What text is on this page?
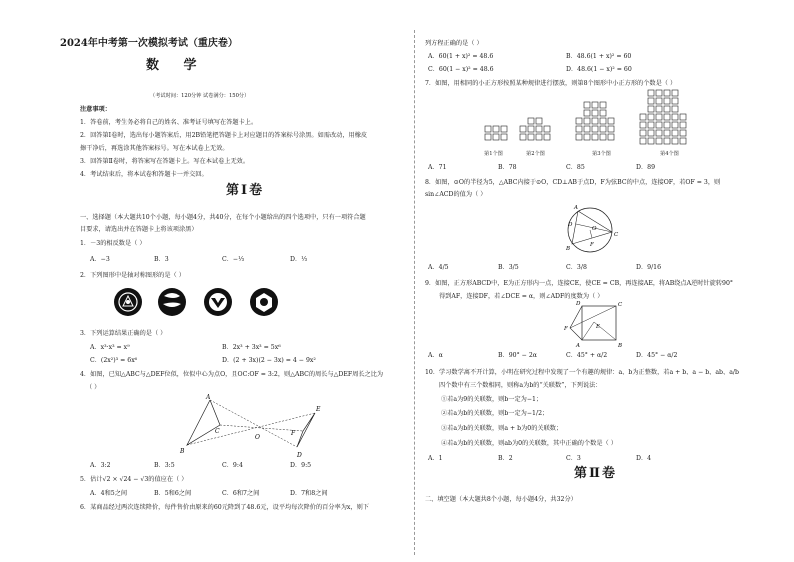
2024年中考第一次模拟考试（重庆卷）
数 学
（考试时间：120分钟 试卷满分：150分）
注意事项：
1．答卷前，考生务必将自己的姓名、准考证号填写在答题卡上。
2．回答第Ⅰ卷时，选出每小题答案后，用2B铅笔把答题卡上对应题目的答案标号涂黑。如需改动，用橡皮
擦干净后，再选涂其他答案标号。写在本试卷上无效。
3．回答第Ⅱ卷时，将答案写在答题卡上。写在本试卷上无效。
4．考试结束后，将本试卷和答题卡一并交回。
第Ⅰ卷
一、选择题（本大题共10个小题，每小题4分，共40分，在每个小题给出的四个选项中，只有一项符合题
目要求，请选出并在答题卡上将该项涂黑）
1．－3的相反数是（ ）
A．−3	B．3	C．−⅓	D．⅓
2．下列图形中是轴对称图形的是（ ）
3．下列运算结果正确的是（ ）
A．x³·x³ = x⁹	B．2x³ + 3x³ = 5x⁶
C．(2x²)³ = 6x⁶	D．(2 + 3x)(2 − 3x) = 4 − 9x²
4．如图，已知△ABC与△DEF位似，位似中心为点O，且OC:OF = 3:2，则△ABC的周长与△DEF周长之比为
（ ）
A
B
C
O
E
F
D
A．3:2	B．3:5	C．9:4	D．9:5
5．估计√2 × √24 − √3的值应在（ ）
A．4和5之间	B．5和6之间	C．6和7之间	D．7和8之间
6．某商品经过两次连续降价，每件售价由原来的60元降到了48.6元，设平均每次降价的百分率为x，则下
列方程正确的是（ ）
A．60(1 + x)² = 48.6	B．48.6(1 + x)² = 60
C．60(1 − x)² = 48.6	D．48.6(1 − x)² = 60
7．如图，用相同的小正方形按照某种规律进行摆放，则第8个图形中小正方形的个数是（ ）
第1个图	第2个图	第3个图	第4个图
A．71	B．78	C．85	D．89
8．如图，⊙O的半径为5，△ABC内接于⊙O，CD⊥AB于点D，F为弦BC的中点，连接OF，若OF = 3，则
sin∠ACD的值为（ ）
A
B
C
D
F
O
A．4/5	B．3/5	C．3/8	D．9/16
9．如图，正方形ABCD中，E为正方形内一点，连接CE，使CE = CB，再连接AE，将AB绕点A逆时针旋转90°
得到AF，连接DF，若∠DCE = α，则∠ADF的度数为（ ）
A	B
C
D
E
F
A．α	B．90° − 2α	C．45° + α/2	D．45° − α/2
10．学习数学离不开计算，小明在研究过程中发现了一个有趣的规律：a、b为正整数，若a + b、a − b、ab、a/b
四个数中有三个数相同，则称a为b的“关联数”，下列说法：
①若a为9的关联数，则b一定为−1；
②若a为b的关联数，则b一定为−1/2；
③若a为b的关联数，则a + b为0的关联数；
④若a为b的关联数，则ab为0的关联数，其中正确的个数是（ ）
A．1	B．2	C．3	D．4
第Ⅱ卷
二、填空题（本大题共8个小题，每小题4分，共32分）
